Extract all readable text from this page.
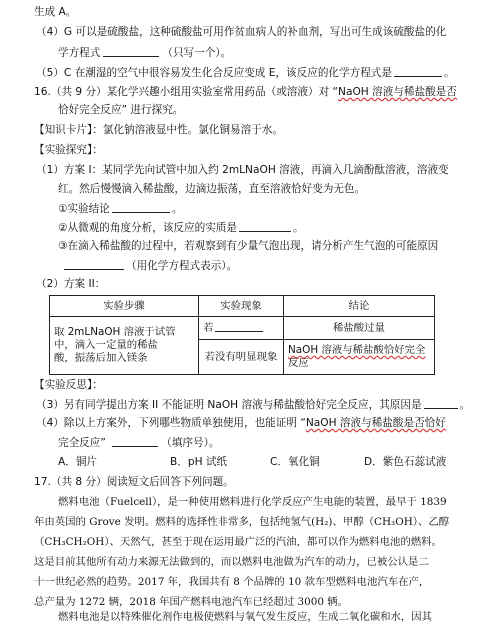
生成 A。
（4）G 可以是硫酸盐，这种硫酸盐可用作贫血病人的补血剂，写出可生成该硫酸盐的化
学方程式	（只写一个）。
（5）C 在潮湿的空气中很容易发生化合反应变成 E，该反应的化学方程式是	。
16.（共 9 分）某化学兴趣小组用实验室常用药品（或溶液）对 “NaOH 溶液与稀盐酸是否
恰好完全反应” 进行探究。
【知识卡片】：氯化钠溶液显中性。氯化铜易溶于水。
【实验探究】：
（1）方案 I：某同学先向试管中加入约 2mLNaOH 溶液，再滴入几滴酚酞溶液，溶液变
红。然后慢慢滴入稀盐酸，边滴边振荡，直至溶液恰好变为无色。
①实验结论	。
②从微观的角度分析，该反应的实质是	。
③在滴入稀盐酸的过程中，若观察到有少量气泡出现，请分析产生气泡的可能原因
（用化学方程式表示）。
（2）方案 II：
实验步骤	实验现象	结论

取 2mLNaOH 溶液于试管
中，滴入一定量的稀盐
酸，振荡后加入镁条	若	稀盐酸过量
	若没有明显现象	NaOH 溶液与稀盐酸恰好完全
反应
【实验反思】：
（3）另有同学提出方案 II 不能证明 NaOH 溶液与稀盐酸恰好完全反应，其原因是	。
（4）除以上方案外，下列哪些物质单独使用，也能证明 “NaOH 溶液与稀盐酸是否恰好
完全反应”	（填序号）。
A．铜片	B．pH 试纸	C．氧化铜	D．紫色石蕊试液
17.（共 8 分）阅读短文后回答下列问题。
燃料电池（Fuelcell），是一种使用燃料进行化学反应产生电能的装置，最早于 1839
年由英国的 Grove 发明。燃料的选择性非常多，包括纯氢气(H₂)、甲醇（CH₃OH）、乙醇
（CH₃CH₂OH）、天然气，甚至于现在运用最广泛的汽油，都可以作为燃料电池的燃料。
这是目前其他所有动力来源无法做到的，而以燃料电池做为汽车的动力，已被公认是二
十一世纪必然的趋势。2017 年，我国共有 8 个品牌的 10 款车型燃料电池汽车在产，
总产量为 1272 辆，2018 年国产燃料电池汽车已经超过 3000 辆。
燃料电池是以特殊催化剂作电极使燃料与氧气发生反应，生成二氧化碳和水，因其
